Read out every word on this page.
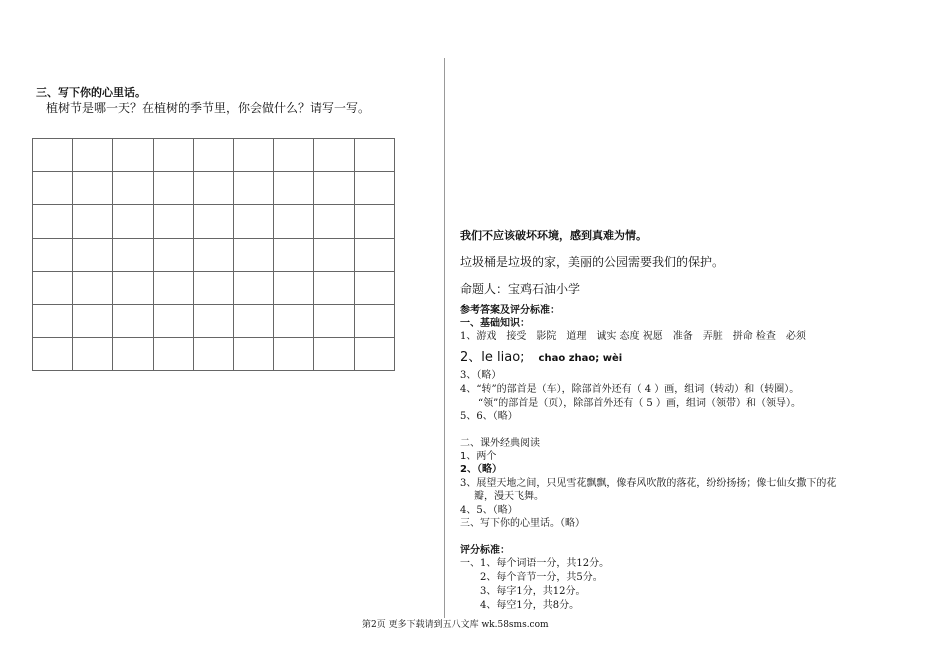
三、写下你的心里话。
植树节是哪一天？在植树的季节里，你会做什么？请写一写。

我们不应该破坏环境，感到真难为情。
垃圾桶是垃圾的家，美丽的公园需要我们的保护。
命题人：宝鸡石油小学
参考答案及评分标准：
一、基础知识：
1、游戏　接受　影院　道理　诚实 态度 祝愿　准备　弄脏　拼命 检查　必须
2、le liao; chao zhao; wèi
3、（略）
4、“转”的部首是（车），除部首外还有（ 4 ）画，组词（转动）和（转圈）。
“领”的部首是（页），除部首外还有（ 5 ）画，组词（领带）和（领导）。
5、6、（略）
二、课外经典阅读
1、两个
2、（略）
3、展望天地之间，只见雪花飘飘，像春风吹散的落花，纷纷扬扬；像七仙女撒下的花
瓣，漫天飞舞。
4、5、（略）
三、写下你的心里话。（略）
评分标准：
一、1、每个词语一分，共12分。
2、每个音节一分，共5分。
3、每字1分，共12分。
4、每空1分，共8分。
第2页 更多下载请到五八文库 wk.58sms.com
